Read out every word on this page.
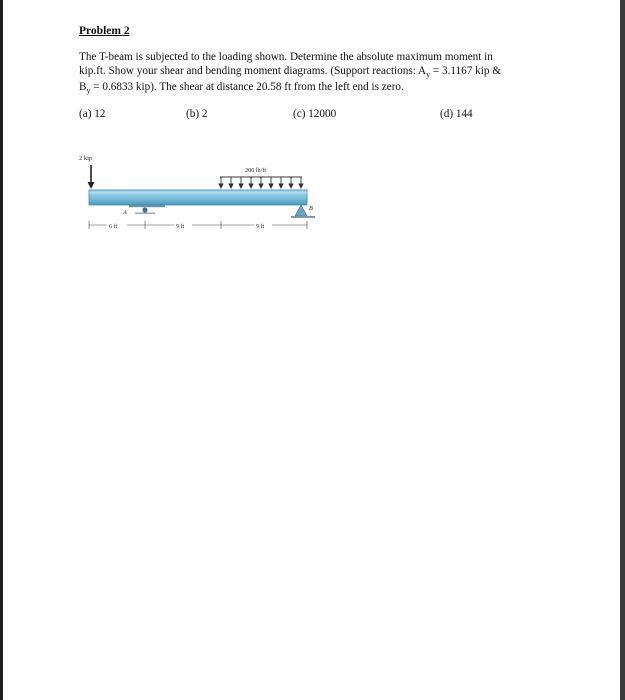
Problem 2
The T-beam is subjected to the loading shown. Determine the absolute maximum moment in
kip.ft. Show your shear and bending moment diagrams. (Support reactions: $A_y = 3.1167$ kip &
$B_y = 0.6833$ kip). The shear at distance 20.58 ft from the left end is zero.
(a) 12	(b) 2	(c) 12000	(d) 144
2 kip
200 lb/ft
A
B
6 ft	9 ft	9 ft
